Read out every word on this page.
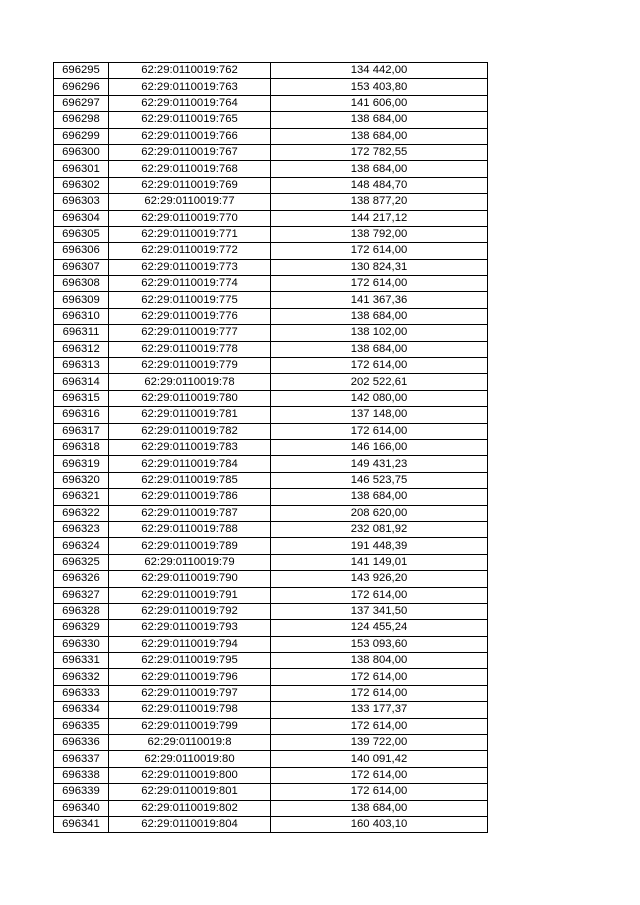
696295	62:29:0110019:762	134 442,00
696296	62:29:0110019:763	153 403,80
696297	62:29:0110019:764	141 606,00
696298	62:29:0110019:765	138 684,00
696299	62:29:0110019:766	138 684,00
696300	62:29:0110019:767	172 782,55
696301	62:29:0110019:768	138 684,00
696302	62:29:0110019:769	148 484,70
696303	62:29:0110019:77	138 877,20
696304	62:29:0110019:770	144 217,12
696305	62:29:0110019:771	138 792,00
696306	62:29:0110019:772	172 614,00
696307	62:29:0110019:773	130 824,31
696308	62:29:0110019:774	172 614,00
696309	62:29:0110019:775	141 367,36
696310	62:29:0110019:776	138 684,00
696311	62:29:0110019:777	138 102,00
696312	62:29:0110019:778	138 684,00
696313	62:29:0110019:779	172 614,00
696314	62:29:0110019:78	202 522,61
696315	62:29:0110019:780	142 080,00
696316	62:29:0110019:781	137 148,00
696317	62:29:0110019:782	172 614,00
696318	62:29:0110019:783	146 166,00
696319	62:29:0110019:784	149 431,23
696320	62:29:0110019:785	146 523,75
696321	62:29:0110019:786	138 684,00
696322	62:29:0110019:787	208 620,00
696323	62:29:0110019:788	232 081,92
696324	62:29:0110019:789	191 448,39
696325	62:29:0110019:79	141 149,01
696326	62:29:0110019:790	143 926,20
696327	62:29:0110019:791	172 614,00
696328	62:29:0110019:792	137 341,50
696329	62:29:0110019:793	124 455,24
696330	62:29:0110019:794	153 093,60
696331	62:29:0110019:795	138 804,00
696332	62:29:0110019:796	172 614,00
696333	62:29:0110019:797	172 614,00
696334	62:29:0110019:798	133 177,37
696335	62:29:0110019:799	172 614,00
696336	62:29:0110019:8	139 722,00
696337	62:29:0110019:80	140 091,42
696338	62:29:0110019:800	172 614,00
696339	62:29:0110019:801	172 614,00
696340	62:29:0110019:802	138 684,00
696341	62:29:0110019:804	160 403,10
